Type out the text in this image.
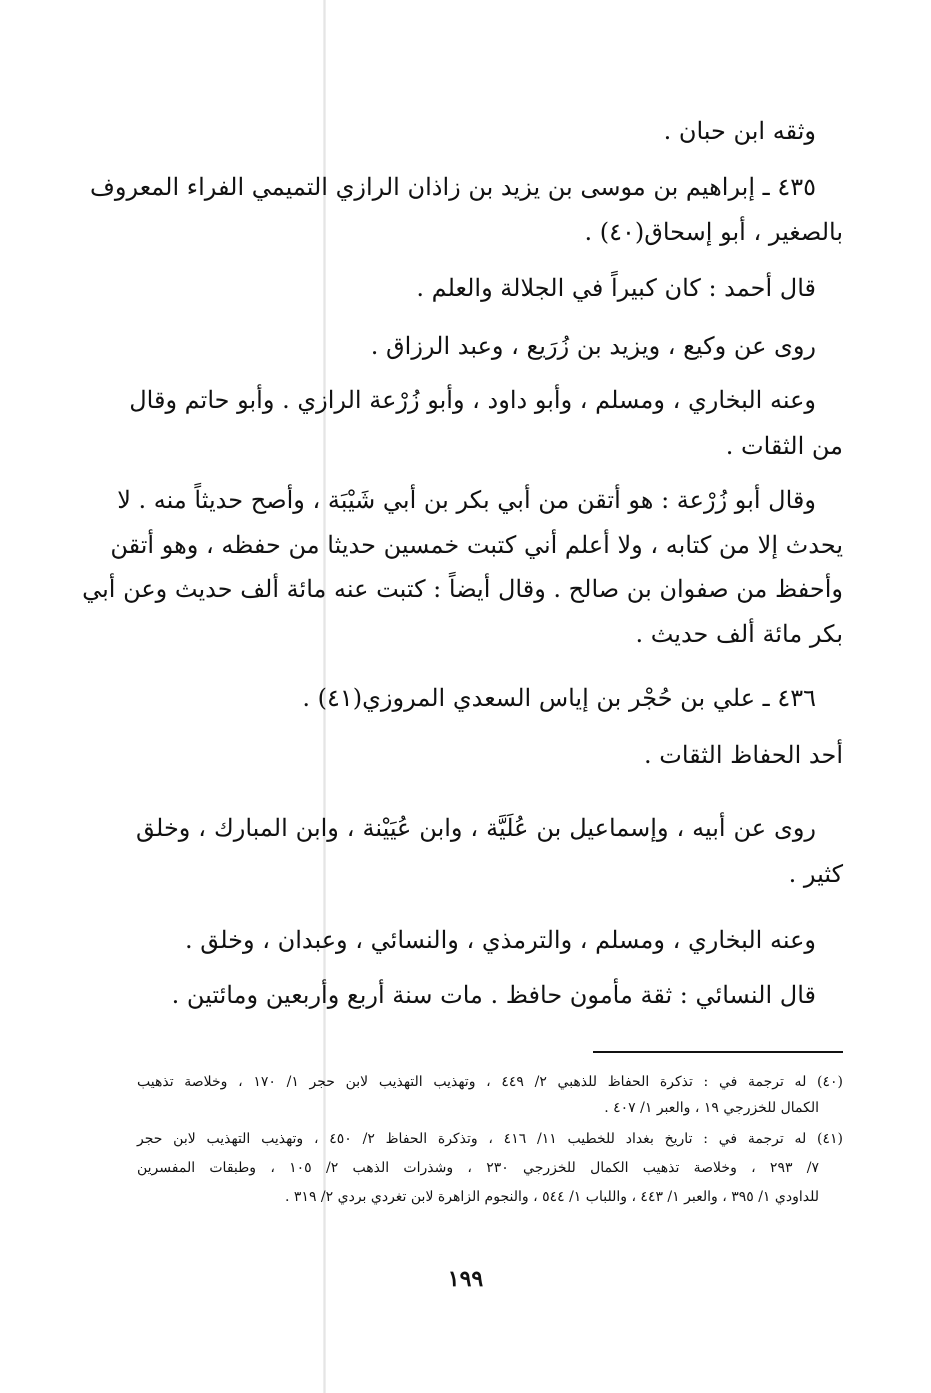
وثقه ابن حبان .
٤٣٥ ـ إبراهيم بن موسى بن يزيد بن زاذان الرازي التميمي الفراء المعروف
بالصغير ، أبو إسحاق(٤٠) .
قال أحمد : كان كبيراً في الجلالة والعلم .
روى عن وكيع ، ويزيد بن زُرَيع ، وعبد الرزاق .
وعنه البخاري ، ومسلم ، وأبو داود ، وأبو زُرْعة الرازي . وأبو حاتم وقال
من الثقات .
وقال أبو زُرْعة : هو أتقن من أبي بكر بن أبي شَيْبَة ، وأصح حديثاً منه . لا
يحدث إلا من كتابه ، ولا أعلم أني كتبت خمسين حديثا من حفظه ، وهو أتقن
وأحفظ من صفوان بن صالح . وقال أيضاً : كتبت عنه مائة ألف حديث وعن أبي
بكر مائة ألف حديث .
٤٣٦ ـ علي بن حُجْر بن إياس السعدي المروزي(٤١) .
أحد الحفاظ الثقات .
روى عن أبيه ، وإسماعيل بن عُلَيَّة ، وابن عُيَيْنة ، وابن المبارك ، وخلق
كثير .
وعنه البخاري ، ومسلم ، والترمذي ، والنسائي ، وعبدان ، وخلق .
قال النسائي : ثقة مأمون حافظ . مات سنة أربع وأربعين ومائتين .
(٤٠) له ترجمة في : تذكرة الحفاظ للذهبي ٢/ ٤٤٩ ، وتهذيب التهذيب لابن حجر ١/ ١٧٠ ، وخلاصة تذهيب
الكمال للخزرجي ١٩ ، والعبر ١/ ٤٠٧ .
(٤١) له ترجمة في : تاريخ بغداد للخطيب ١١/ ٤١٦ ، وتذكرة الحفاظ ٢/ ٤٥٠ ، وتهذيب التهذيب لابن حجر
٧/ ٢٩٣ ، وخلاصة تذهيب الكمال للخزرجي ٢٣٠ ، وشذرات الذهب ٢/ ١٠٥ ، وطبقات المفسرين
للداودي ١/ ٣٩٥ ، والعبر ١/ ٤٤٣ ، واللباب ١/ ٥٤٤ ، والنجوم الزاهرة لابن تغردي بردي ٢/ ٣١٩ .
١٩٩
